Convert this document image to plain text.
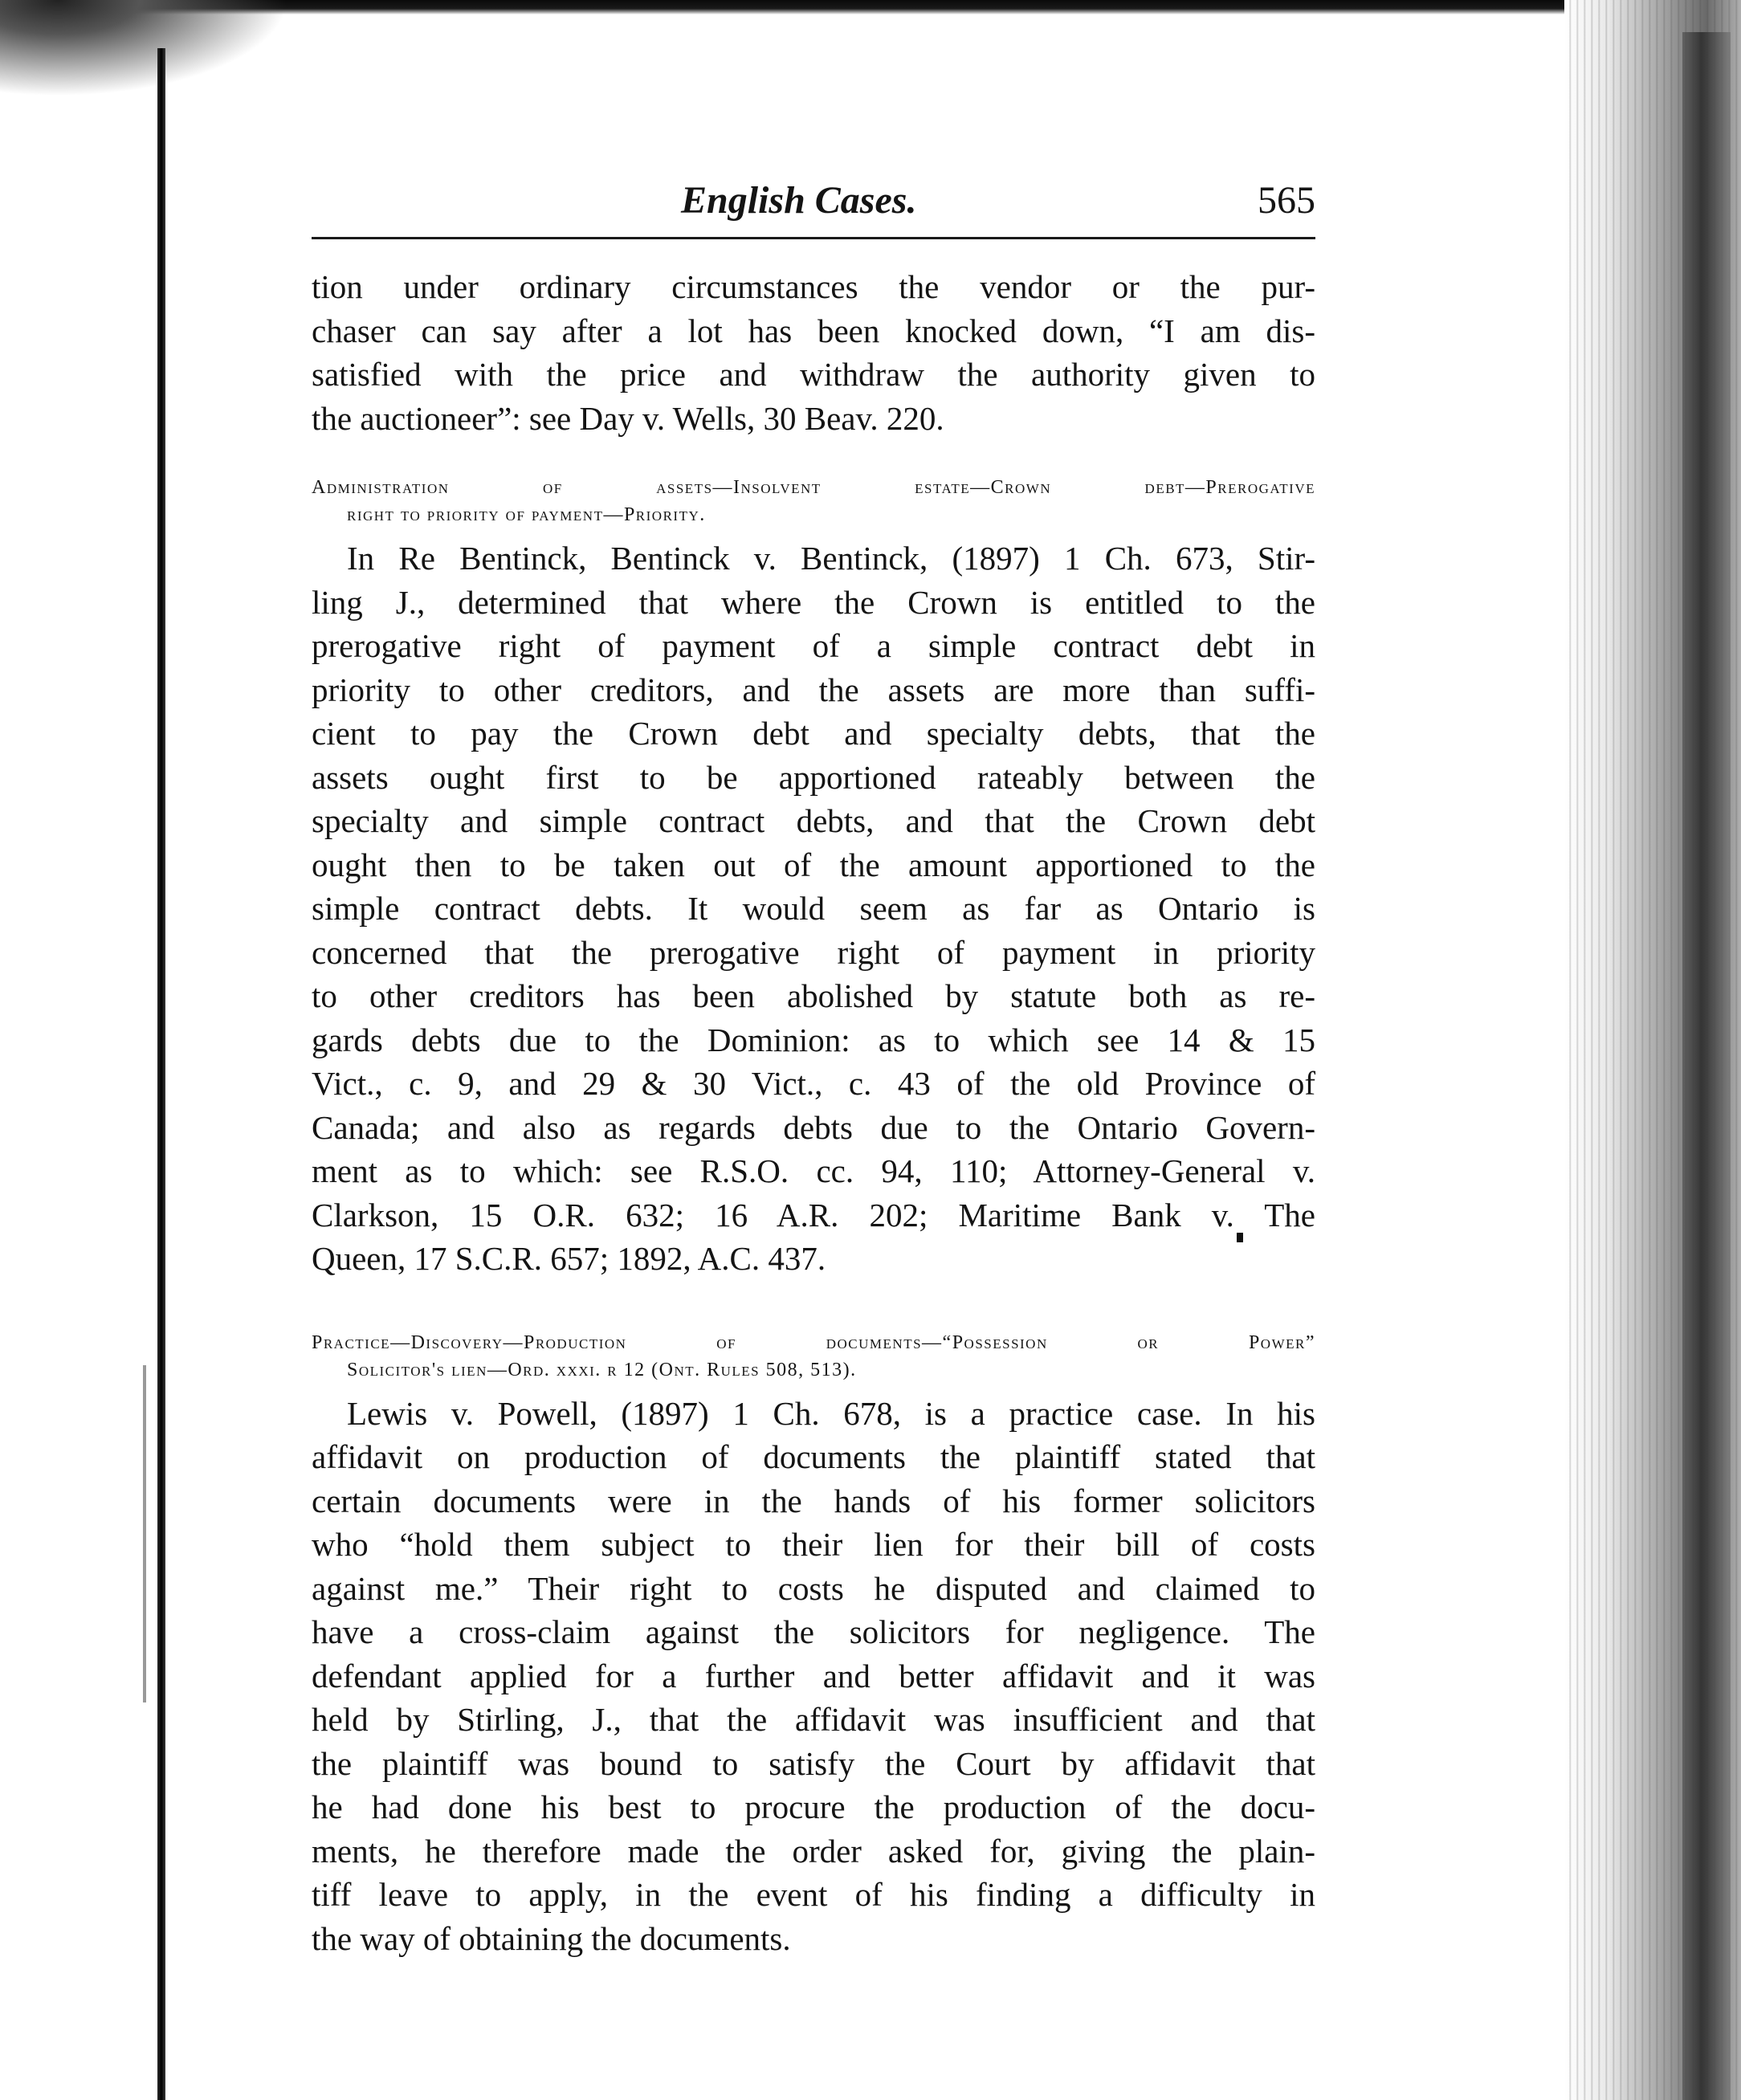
English Cases.	565

tion under ordinary circumstances the vendor or the pur-
chaser can say after a lot has been knocked down, “I am dis-
satisfied with the price and withdraw the authority given to
the auctioneer”: see Day v. Wells, 30 Beav. 220.

Administration of assets—Insolvent estate—Crown debt—Prerogative
right to priority of payment—Priority.

In Re Bentinck, Bentinck v. Bentinck, (1897) 1 Ch. 673, Stir-
ling J., determined that where the Crown is entitled to the
prerogative right of payment of a simple contract debt in
priority to other creditors, and the assets are more than suffi-
cient to pay the Crown debt and specialty debts, that the
assets ought first to be apportioned rateably between the
specialty and simple contract debts, and that the Crown debt
ought then to be taken out of the amount apportioned to the
simple contract debts. It would seem as far as Ontario is
concerned that the prerogative right of payment in priority
to other creditors has been abolished by statute both as re-
gards debts due to the Dominion: as to which see 14 & 15
Vict., c. 9, and 29 & 30 Vict., c. 43 of the old Province of
Canada; and also as regards debts due to the Ontario Govern-
ment as to which: see R.S.O. cc. 94, 110; Attorney-General v.
Clarkson, 15 O.R. 632; 16 A.R. 202; Maritime Bank v. The
Queen, 17 S.C.R. 657; 1892, A.C. 437.

Practice—Discovery—Production of documents—“Possession or Power”
Solicitor's lien—Ord. xxxi. r 12 (Ont. Rules 508, 513).

Lewis v. Powell, (1897) 1 Ch. 678, is a practice case. In his
affidavit on production of documents the plaintiff stated that
certain documents were in the hands of his former solicitors
who “hold them subject to their lien for their bill of costs
against me.” Their right to costs he disputed and claimed to
have a cross-claim against the solicitors for negligence. The
defendant applied for a further and better affidavit and it was
held by Stirling, J., that the affidavit was insufficient and that
the plaintiff was bound to satisfy the Court by affidavit that
he had done his best to procure the production of the docu-
ments, he therefore made the order asked for, giving the plain-
tiff leave to apply, in the event of his finding a difficulty in
the way of obtaining the documents.
